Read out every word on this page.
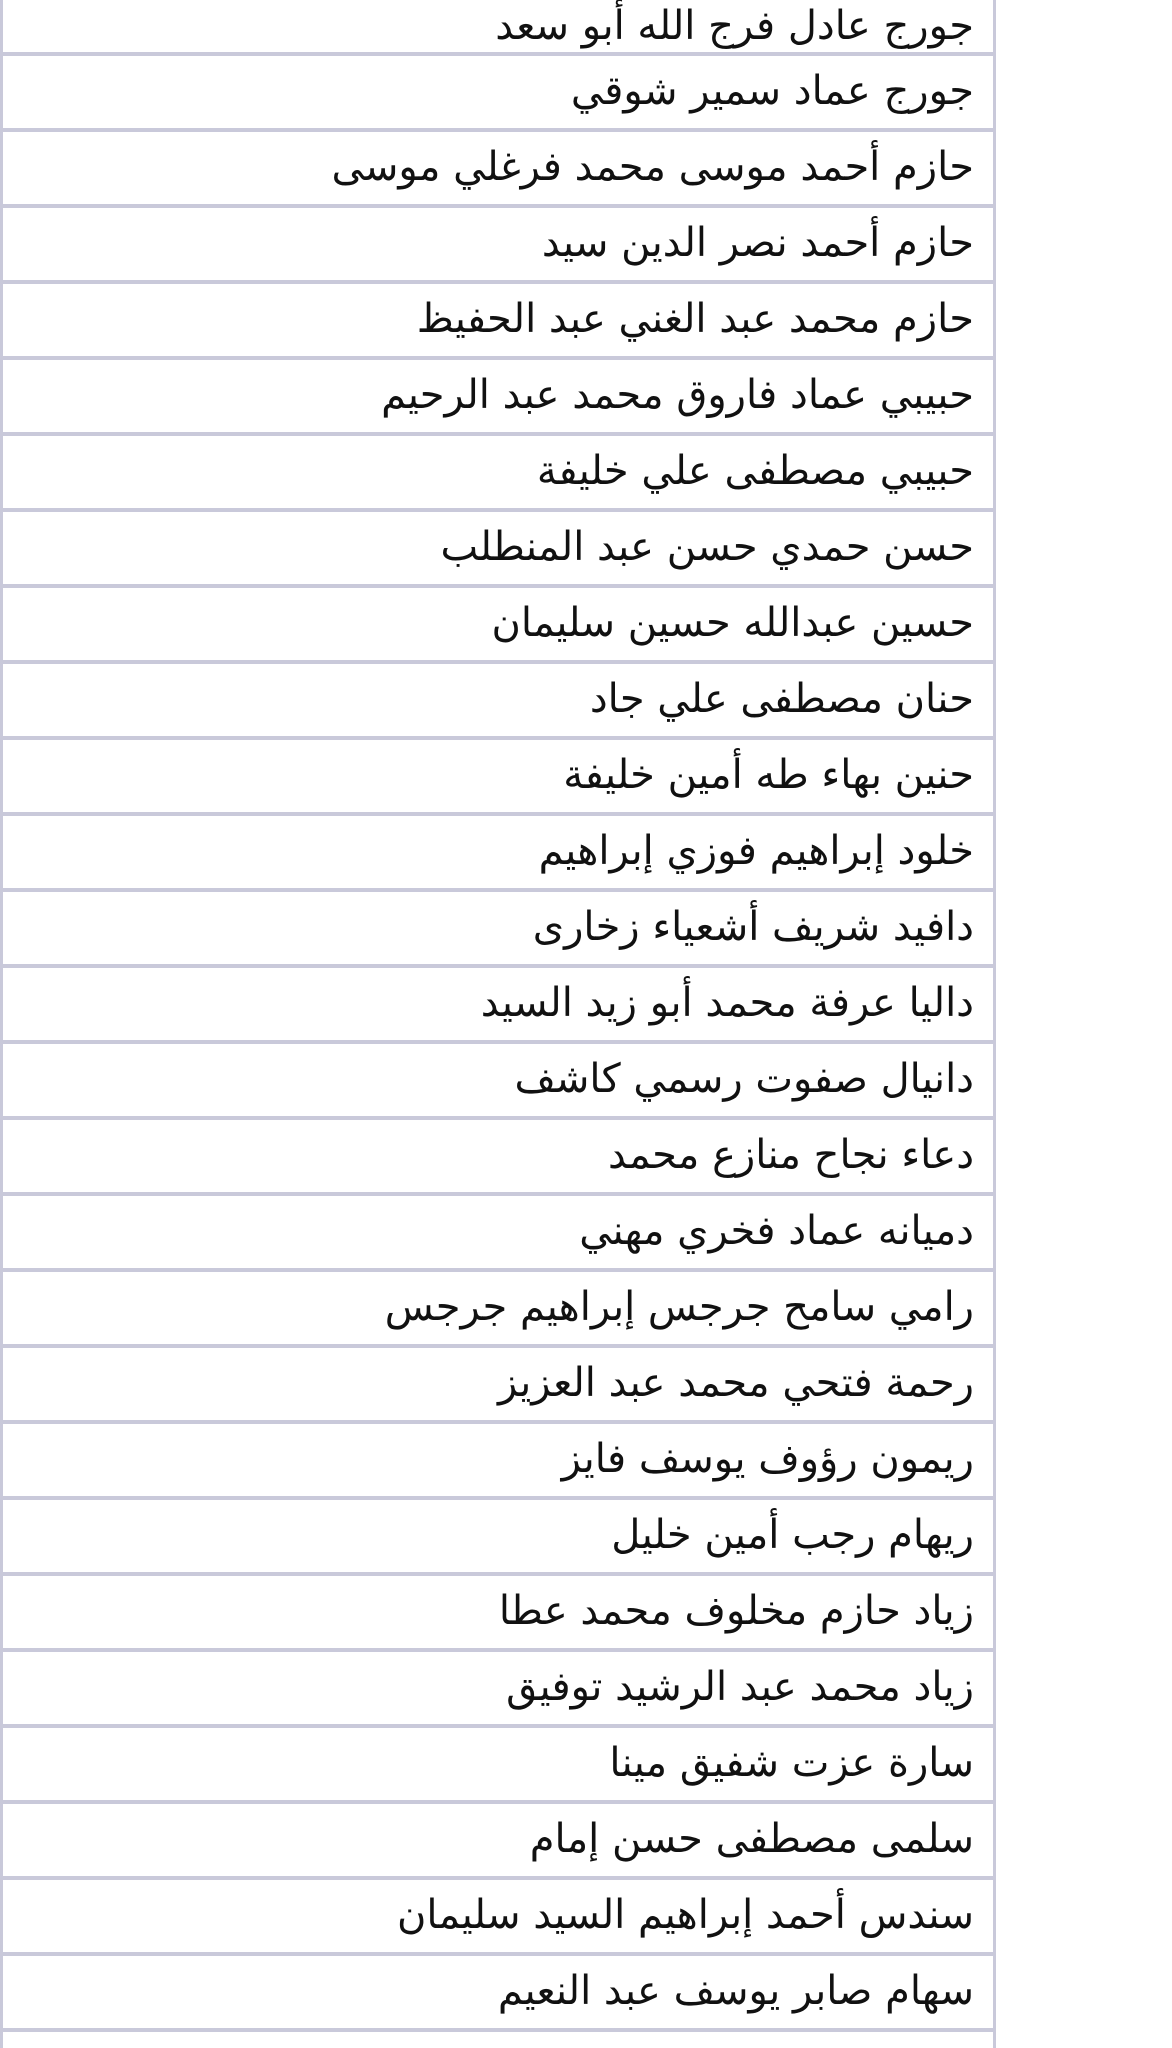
جورج عادل فرج الله أبو سعد
جورج عماد سمير شوقي
حازم أحمد موسى محمد فرغلي موسى
حازم أحمد نصر الدين سيد
حازم محمد عبد الغني عبد الحفيظ
حبيبي عماد فاروق محمد عبد الرحيم
حبيبي مصطفى علي خليفة
حسن حمدي حسن عبد المنطلب
حسين عبدالله حسين سليمان
حنان مصطفى علي جاد
حنين بهاء طه أمين خليفة
خلود إبراهيم فوزي إبراهيم
دافيد شريف أشعياء زخارى
داليا عرفة محمد أبو زيد السيد
دانيال صفوت رسمي كاشف
دعاء نجاح منازع محمد
دميانه عماد فخري مهني
رامي سامح جرجس إبراهيم جرجس
رحمة فتحي محمد عبد العزيز
ريمون رؤوف يوسف فايز
ريهام رجب أمين خليل
زياد حازم مخلوف محمد عطا
زياد محمد عبد الرشيد توفيق
سارة عزت شفيق مينا
سلمى مصطفى حسن إمام
سندس أحمد إبراهيم السيد سليمان
سهام صابر يوسف عبد النعيم
